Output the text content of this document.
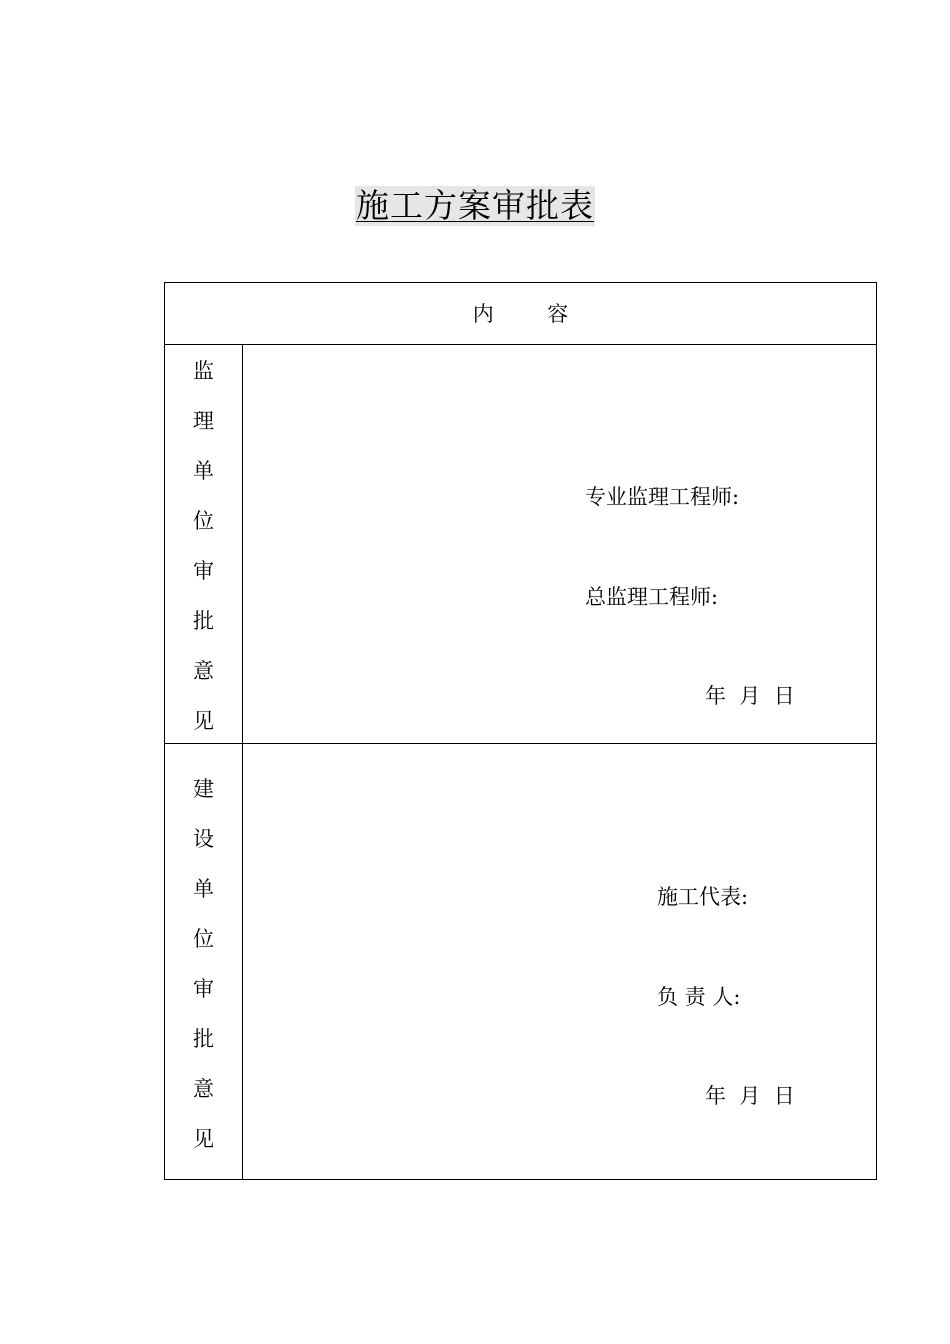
施工方案审批表
内        容
监
理
单
位
审
批
意
见
专业监理工程师:
总监理工程师:
年  月  日
建
设
单
位
审
批
意
见
施工代表:
负 责 人:
年  月  日
